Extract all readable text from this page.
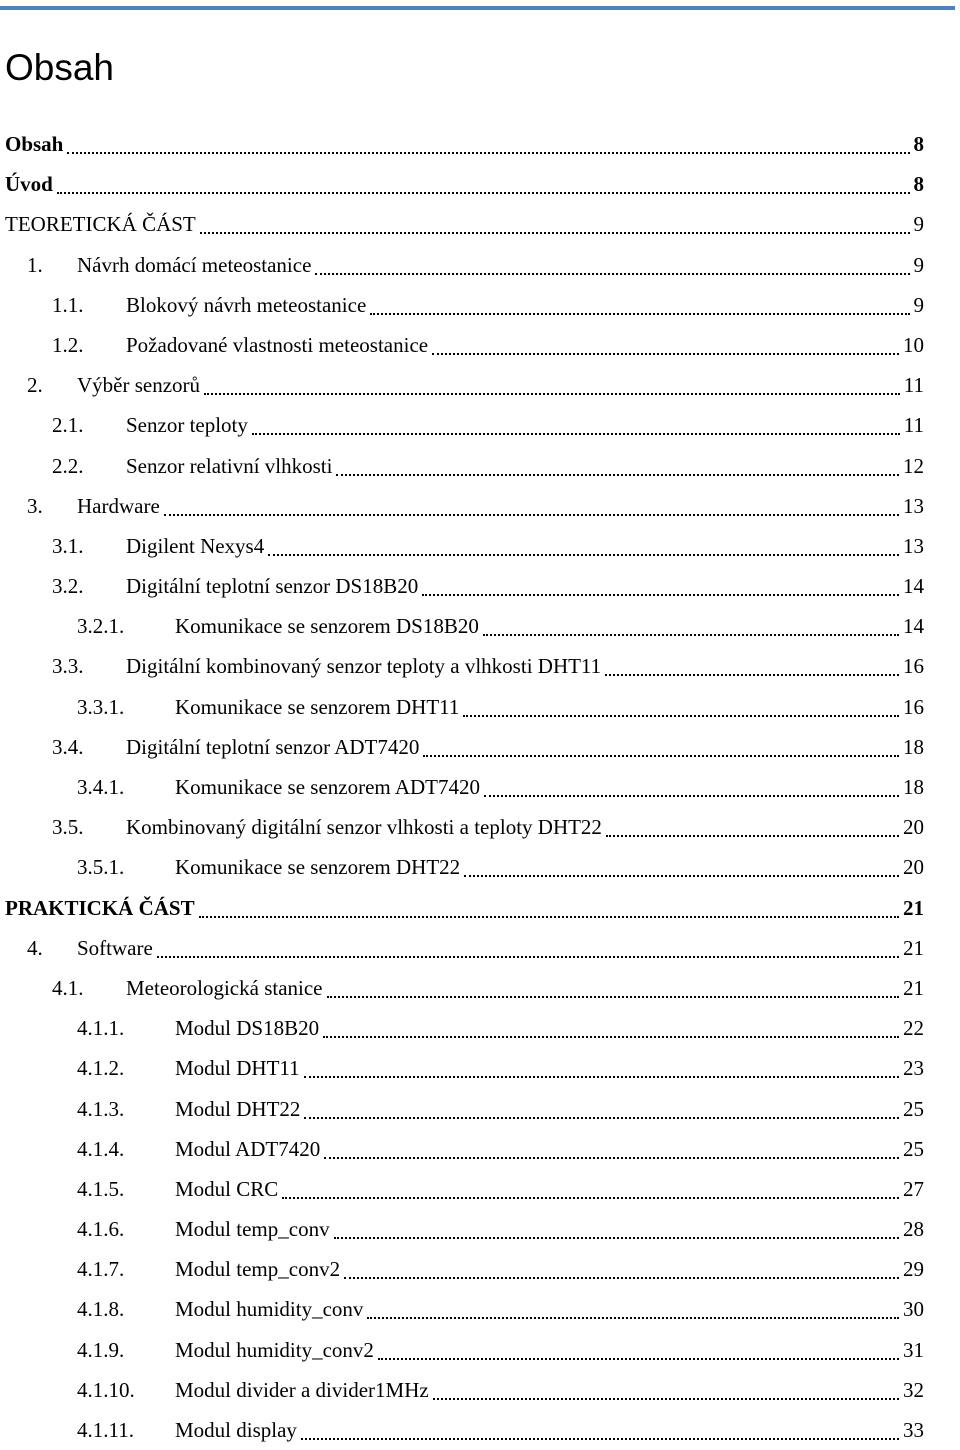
Obsah
Obsah	8
Úvod	8
TEORETICKÁ ČÁST	9
1. Návrh domácí meteostanice	9
1.1. Blokový návrh meteostanice	9
1.2. Požadované vlastnosti meteostanice	10
2. Výběr senzorů	11
2.1. Senzor teploty	11
2.2. Senzor relativní vlhkosti	12
3. Hardware	13
3.1. Digilent Nexys4	13
3.2. Digitální teplotní senzor DS18B20	14
3.2.1. Komunikace se senzorem DS18B20	14
3.3. Digitální kombinovaný senzor teploty a vlhkosti DHT11	16
3.3.1. Komunikace se senzorem DHT11	16
3.4. Digitální teplotní senzor ADT7420	18
3.4.1. Komunikace se senzorem ADT7420	18
3.5. Kombinovaný digitální senzor vlhkosti a teploty DHT22	20
3.5.1. Komunikace se senzorem DHT22	20
PRAKTICKÁ ČÁST	21
4. Software	21
4.1. Meteorologická stanice	21
4.1.1. Modul DS18B20	22
4.1.2. Modul DHT11	23
4.1.3. Modul DHT22	25
4.1.4. Modul ADT7420	25
4.1.5. Modul CRC	27
4.1.6. Modul temp_conv	28
4.1.7. Modul temp_conv2	29
4.1.8. Modul humidity_conv	30
4.1.9. Modul humidity_conv2	31
4.1.10. Modul divider a divider1MHz	32
4.1.11. Modul display	33
